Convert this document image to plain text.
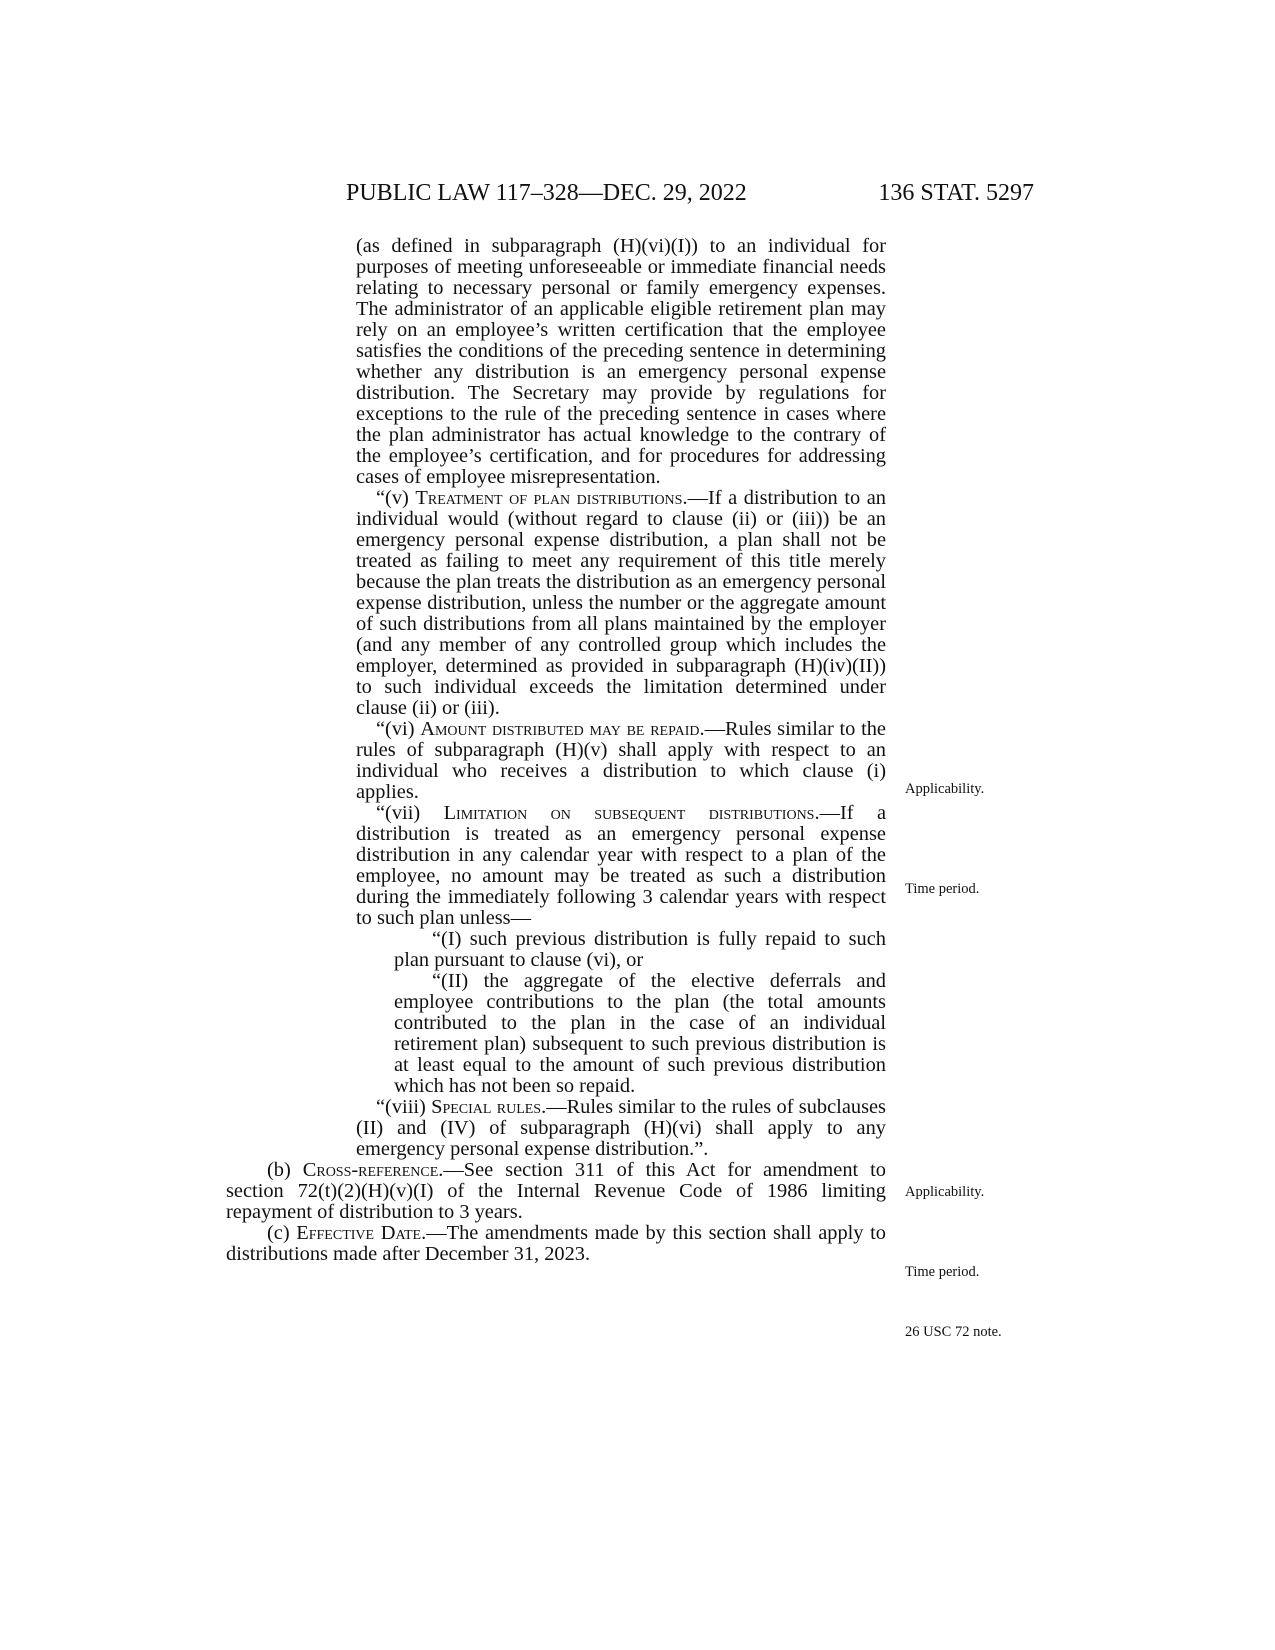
PUBLIC LAW 117–328—DEC. 29, 2022	136 STAT. 5297

(as defined in subparagraph (H)(vi)(I)) to an individual for purposes of meeting unforeseeable or immediate financial needs relating to necessary personal or family emergency expenses. The administrator of an applicable eligible retirement plan may rely on an employee’s written certification that the employee satisfies the conditions of the preceding sentence in determining whether any distribution is an emergency personal expense distribution. The Secretary may provide by regulations for exceptions to the rule of the preceding sentence in cases where the plan administrator has actual knowledge to the contrary of the employee’s certification, and for procedures for addressing cases of employee misrepresentation.

“(v) Treatment of plan distributions.—If a distribution to an individual would (without regard to clause (ii) or (iii)) be an emergency personal expense distribution, a plan shall not be treated as failing to meet any requirement of this title merely because the plan treats the distribution as an emergency personal expense distribution, unless the number or the aggregate amount of such distributions from all plans maintained by the employer (and any member of any controlled group which includes the employer, determined as provided in subparagraph (H)(iv)(II)) to such individual exceeds the limitation determined under clause (ii) or (iii).

“(vi) Amount distributed may be repaid.—Rules similar to the rules of subparagraph (H)(v) shall apply with respect to an individual who receives a distribution to which clause (i) applies.

“(vii) Limitation on subsequent distributions.—If a distribution is treated as an emergency personal expense distribution in any calendar year with respect to a plan of the employee, no amount may be treated as such a distribution during the immediately following 3 calendar years with respect to such plan unless—

“(I) such previous distribution is fully repaid to such plan pursuant to clause (vi), or

“(II) the aggregate of the elective deferrals and employee contributions to the plan (the total amounts contributed to the plan in the case of an individual retirement plan) subsequent to such previous distribution is at least equal to the amount of such previous distribution which has not been so repaid.

“(viii) Special rules.—Rules similar to the rules of subclauses (II) and (IV) of subparagraph (H)(vi) shall apply to any emergency personal expense distribution.”.

(b) Cross-reference.—See section 311 of this Act for amendment to section 72(t)(2)(H)(v)(I) of the Internal Revenue Code of 1986 limiting repayment of distribution to 3 years.

(c) Effective Date.—The amendments made by this section shall apply to distributions made after December 31, 2023.

Applicability.
Time period.
Applicability.
Time period.
26 USC 72 note.
